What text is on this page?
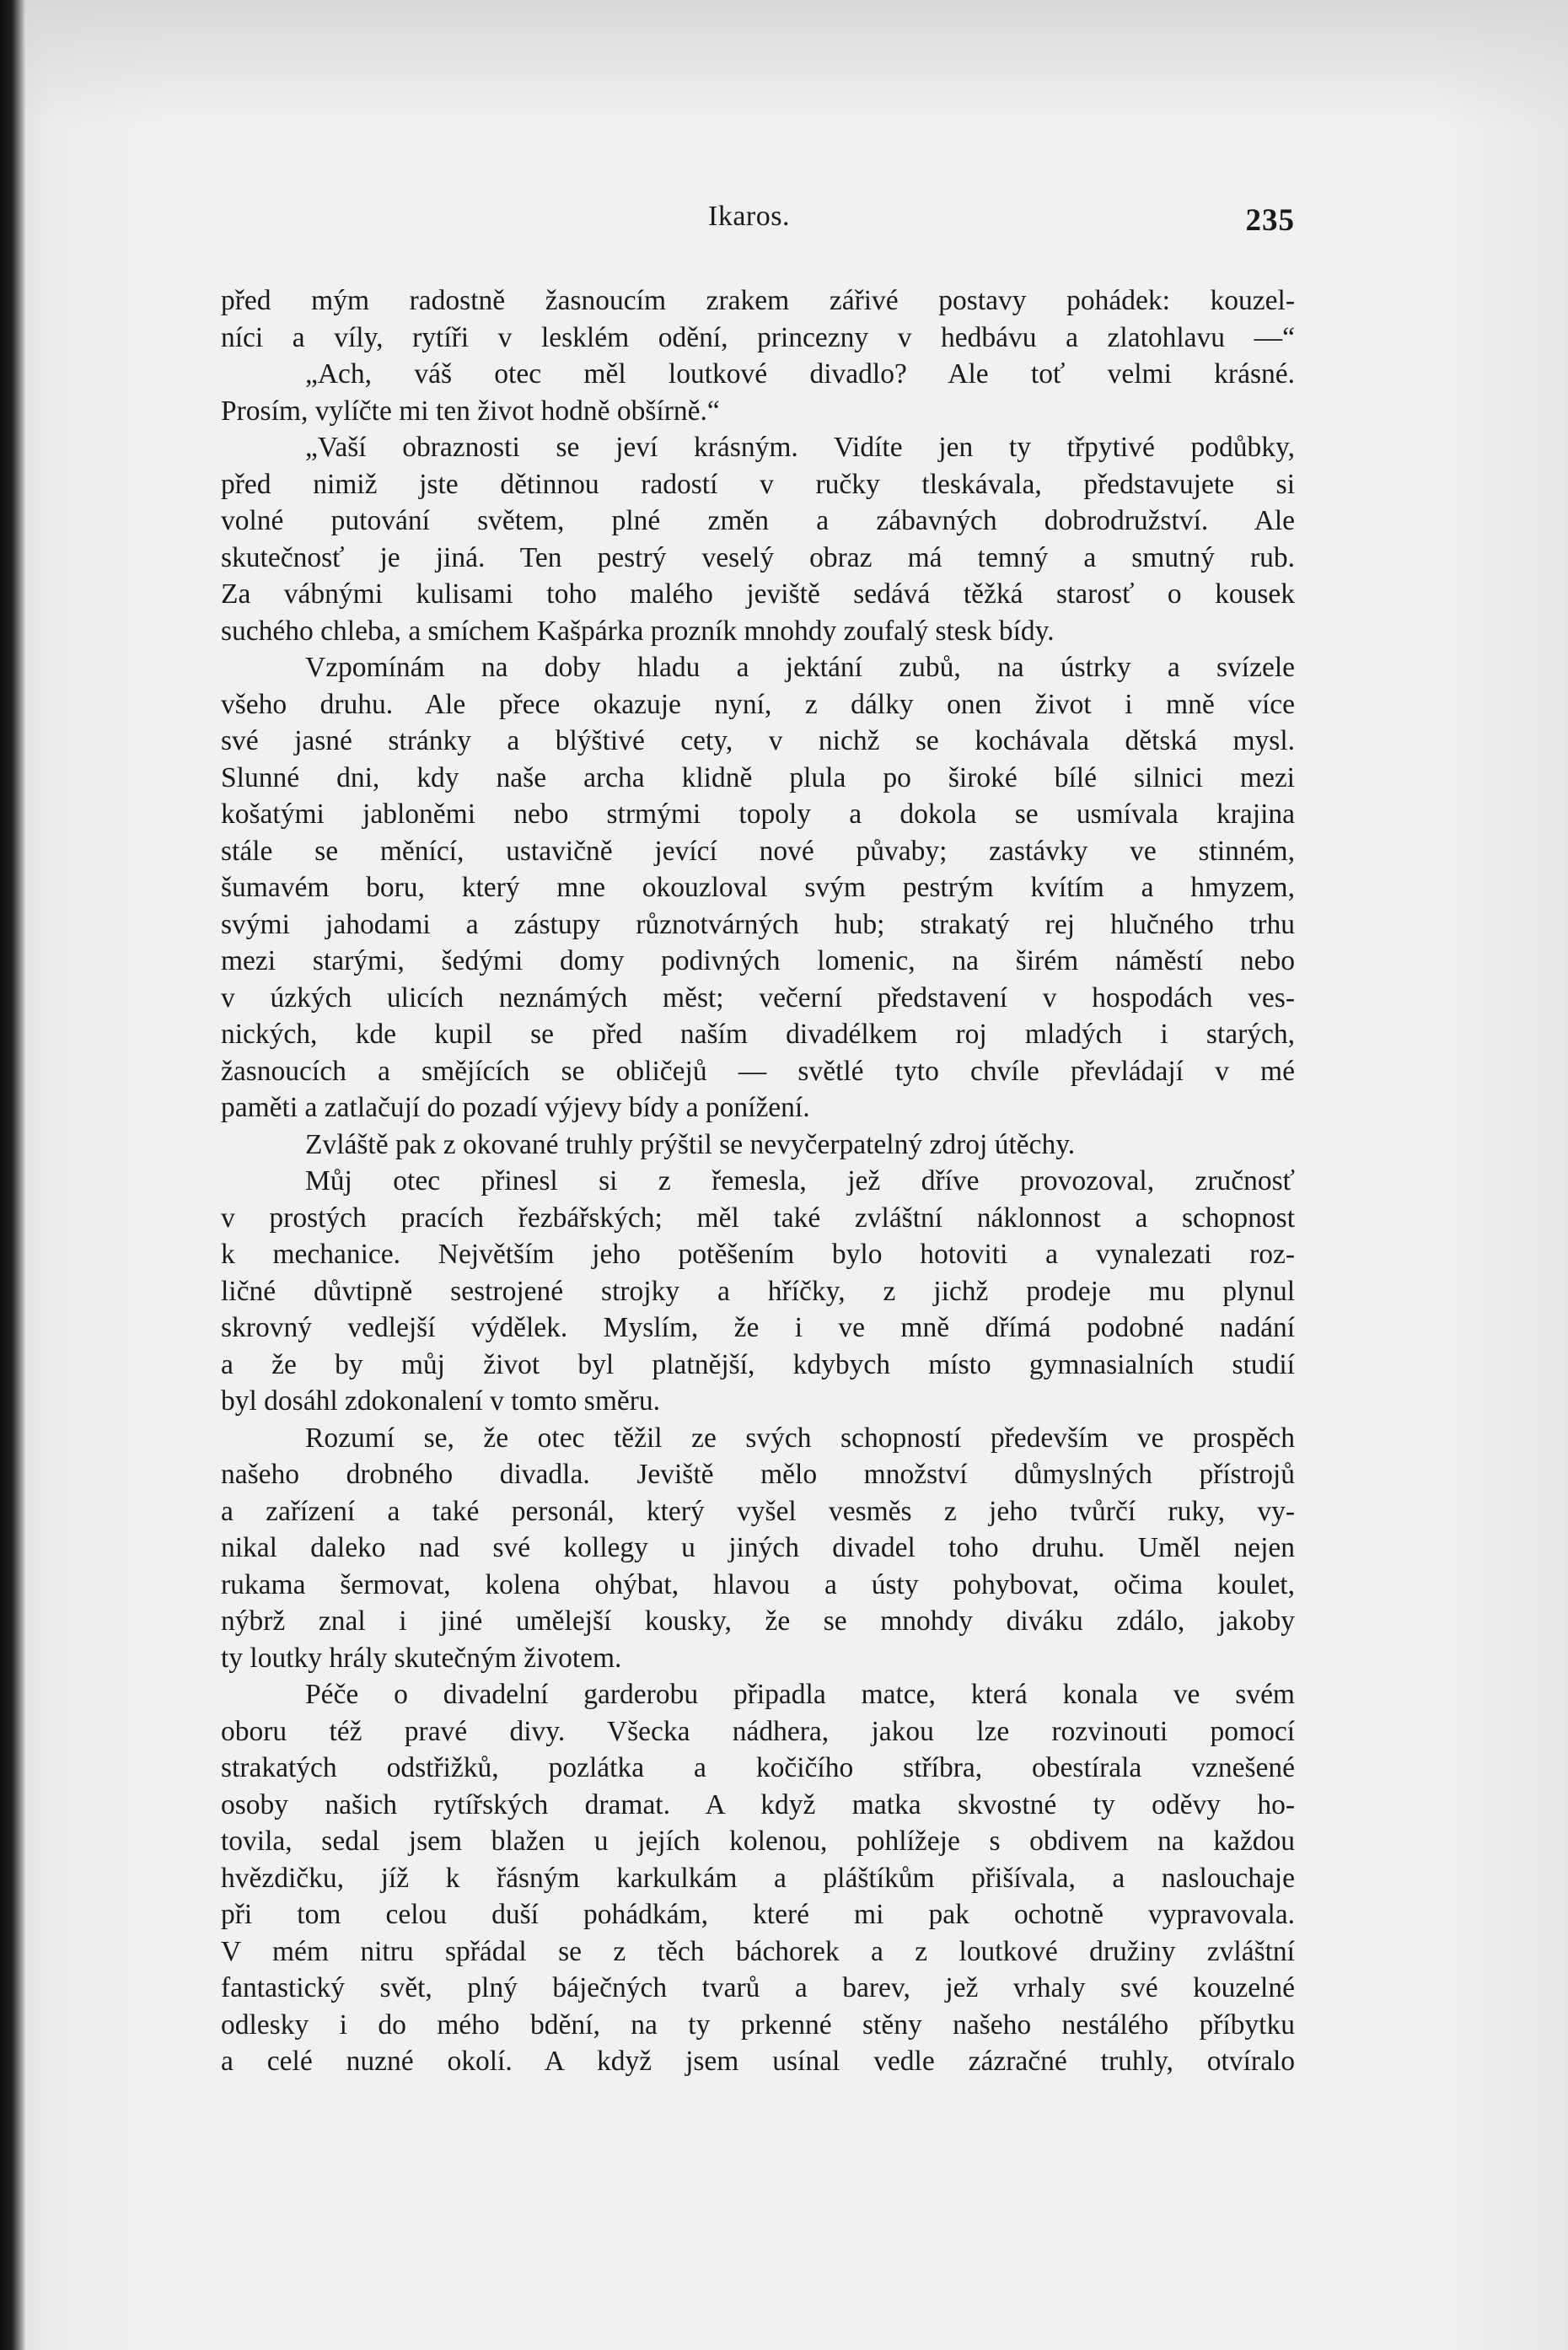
Ikaros.	235
před mým radostně žasnoucím zrakem zářivé postavy pohádek: kouzel-
níci a víly, rytíři v lesklém odění, princezny v hedbávu a zlatohlavu —“
„Ach, váš otec měl loutkové divadlo? Ale toť velmi krásné.
Prosím, vylíčte mi ten život hodně obšírně.“
„Vaší obraznosti se jeví krásným. Vidíte jen ty třpytivé podůbky,
před nimiž jste dětinnou radostí v ručky tleskávala, představujete si
volné putování světem, plné změn a zábavných dobrodružství. Ale
skutečnosť je jiná. Ten pestrý veselý obraz má temný a smutný rub.
Za vábnými kulisami toho malého jeviště sedává těžká starosť o kousek
suchého chleba, a smíchem Kašpárka prozník mnohdy zoufalý stesk bídy.
Vzpomínám na doby hladu a jektání zubů, na ústrky a svízele
všeho druhu. Ale přece okazuje nyní, z dálky onen život i mně více
své jasné stránky a blýštivé cety, v nichž se kochávala dětská mysl.
Slunné dni, kdy naše archa klidně plula po široké bílé silnici mezi
košatými jabloněmi nebo strmými topoly a dokola se usmívala krajina
stále se měnící, ustavičně jevící nové půvaby; zastávky ve stinném,
šumavém boru, který mne okouzloval svým pestrým kvítím a hmyzem,
svými jahodami a zástupy různotvárných hub; strakatý rej hlučného trhu
mezi starými, šedými domy podivných lomenic, na širém náměstí nebo
v úzkých ulicích neznámých měst; večerní představení v hospodách ves-
nických, kde kupil se před naším divadélkem roj mladých i starých,
žasnoucích a smějících se obličejů — světlé tyto chvíle převládají v mé
paměti a zatlačují do pozadí výjevy bídy a ponížení.
Zvláště pak z okované truhly prýštil se nevyčerpatelný zdroj útěchy.
Můj otec přinesl si z řemesla, jež dříve provozoval, zručnosť
v prostých pracích řezbářských; měl také zvláštní náklonnost a schopnost
k mechanice. Největším jeho potěšením bylo hotoviti a vynalezati roz-
ličné důvtipně sestrojené strojky a hříčky, z jichž prodeje mu plynul
skrovný vedlejší výdělek. Myslím, že i ve mně dřímá podobné nadání
a že by můj život byl platnější, kdybych místo gymnasialních studií
byl dosáhl zdokonalení v tomto směru.
Rozumí se, že otec těžil ze svých schopností především ve prospěch
našeho drobného divadla. Jeviště mělo množství důmyslných přístrojů
a zařízení a také personál, který vyšel vesměs z jeho tvůrčí ruky, vy-
nikal daleko nad své kollegy u jiných divadel toho druhu. Uměl nejen
rukama šermovat, kolena ohýbat, hlavou a ústy pohybovat, očima koulet,
nýbrž znal i jiné umělejší kousky, že se mnohdy diváku zdálo, jakoby
ty loutky hrály skutečným životem.
Péče o divadelní garderobu připadla matce, která konala ve svém
oboru též pravé divy. Všecka nádhera, jakou lze rozvinouti pomocí
strakatých odstřižků, pozlátka a kočičího stříbra, obestírala vznešené
osoby našich rytířských dramat. A když matka skvostné ty oděvy ho-
tovila, sedal jsem blažen u jejích kolenou, pohlížeje s obdivem na každou
hvězdičku, jíž k řásným karkulkám a pláštíkům přišívala, a naslouchaje
při tom celou duší pohádkám, které mi pak ochotně vypravovala.
V mém nitru spřádal se z těch báchorek a z loutkové družiny zvláštní
fantastický svět, plný báječných tvarů a barev, jež vrhaly své kouzelné
odlesky i do mého bdění, na ty prkenné stěny našeho nestálého příbytku
a celé nuzné okolí. A když jsem usínal vedle zázračné truhly, otvíralo
